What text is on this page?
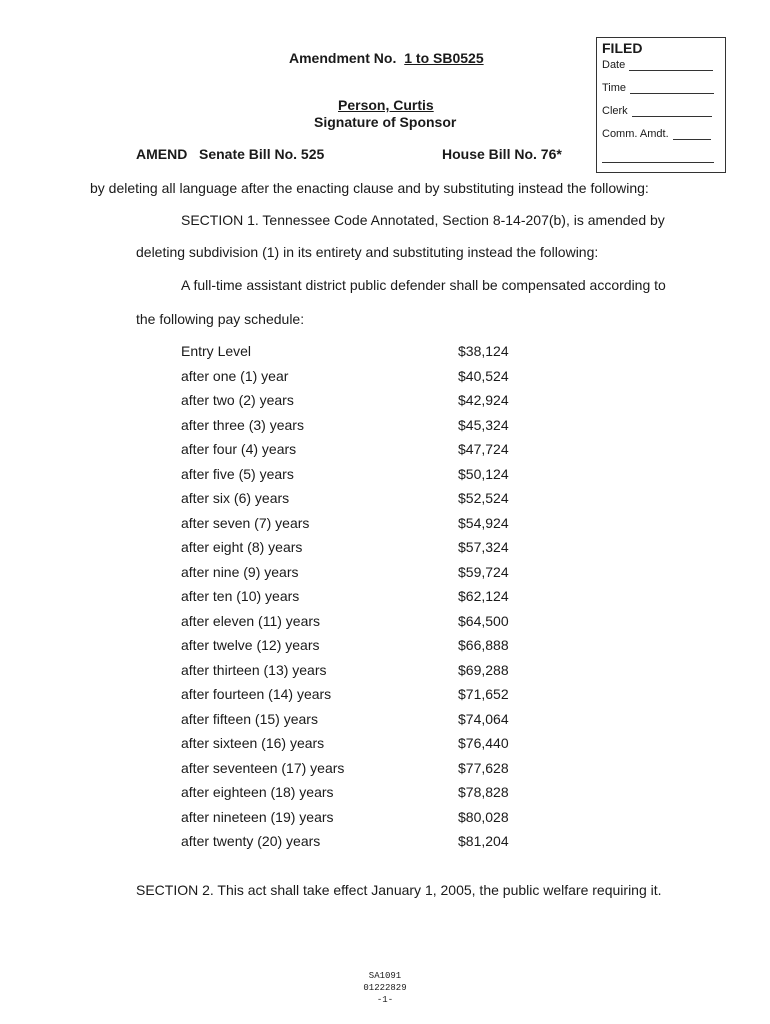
Amendment No. 1 to SB0525
Person, Curtis
Signature of Sponsor
AMEND Senate Bill No. 525	House Bill No. 76*
FILED
Date
Time
Clerk
Comm. Amdt.
by deleting all language after the enacting clause and by substituting instead the following:
SECTION 1. Tennessee Code Annotated, Section 8-14-207(b), is amended by
deleting subdivision (1) in its entirety and substituting instead the following:
A full-time assistant district public defender shall be compensated according to
the following pay schedule:
Entry Level	$38,124
after one (1) year	$40,524
after two (2) years	$42,924
after three (3) years	$45,324
after four (4) years	$47,724
after five (5) years	$50,124
after six (6) years	$52,524
after seven (7) years	$54,924
after eight (8) years	$57,324
after nine (9) years	$59,724
after ten (10) years	$62,124
after eleven (11) years	$64,500
after twelve (12) years	$66,888
after thirteen (13) years	$69,288
after fourteen (14) years	$71,652
after fifteen (15) years	$74,064
after sixteen (16) years	$76,440
after seventeen (17) years	$77,628
after eighteen (18) years	$78,828
after nineteen (19) years	$80,028
after twenty (20) years	$81,204
SECTION 2. This act shall take effect January 1, 2005, the public welfare requiring it.
SA1091
01222829
-1-
